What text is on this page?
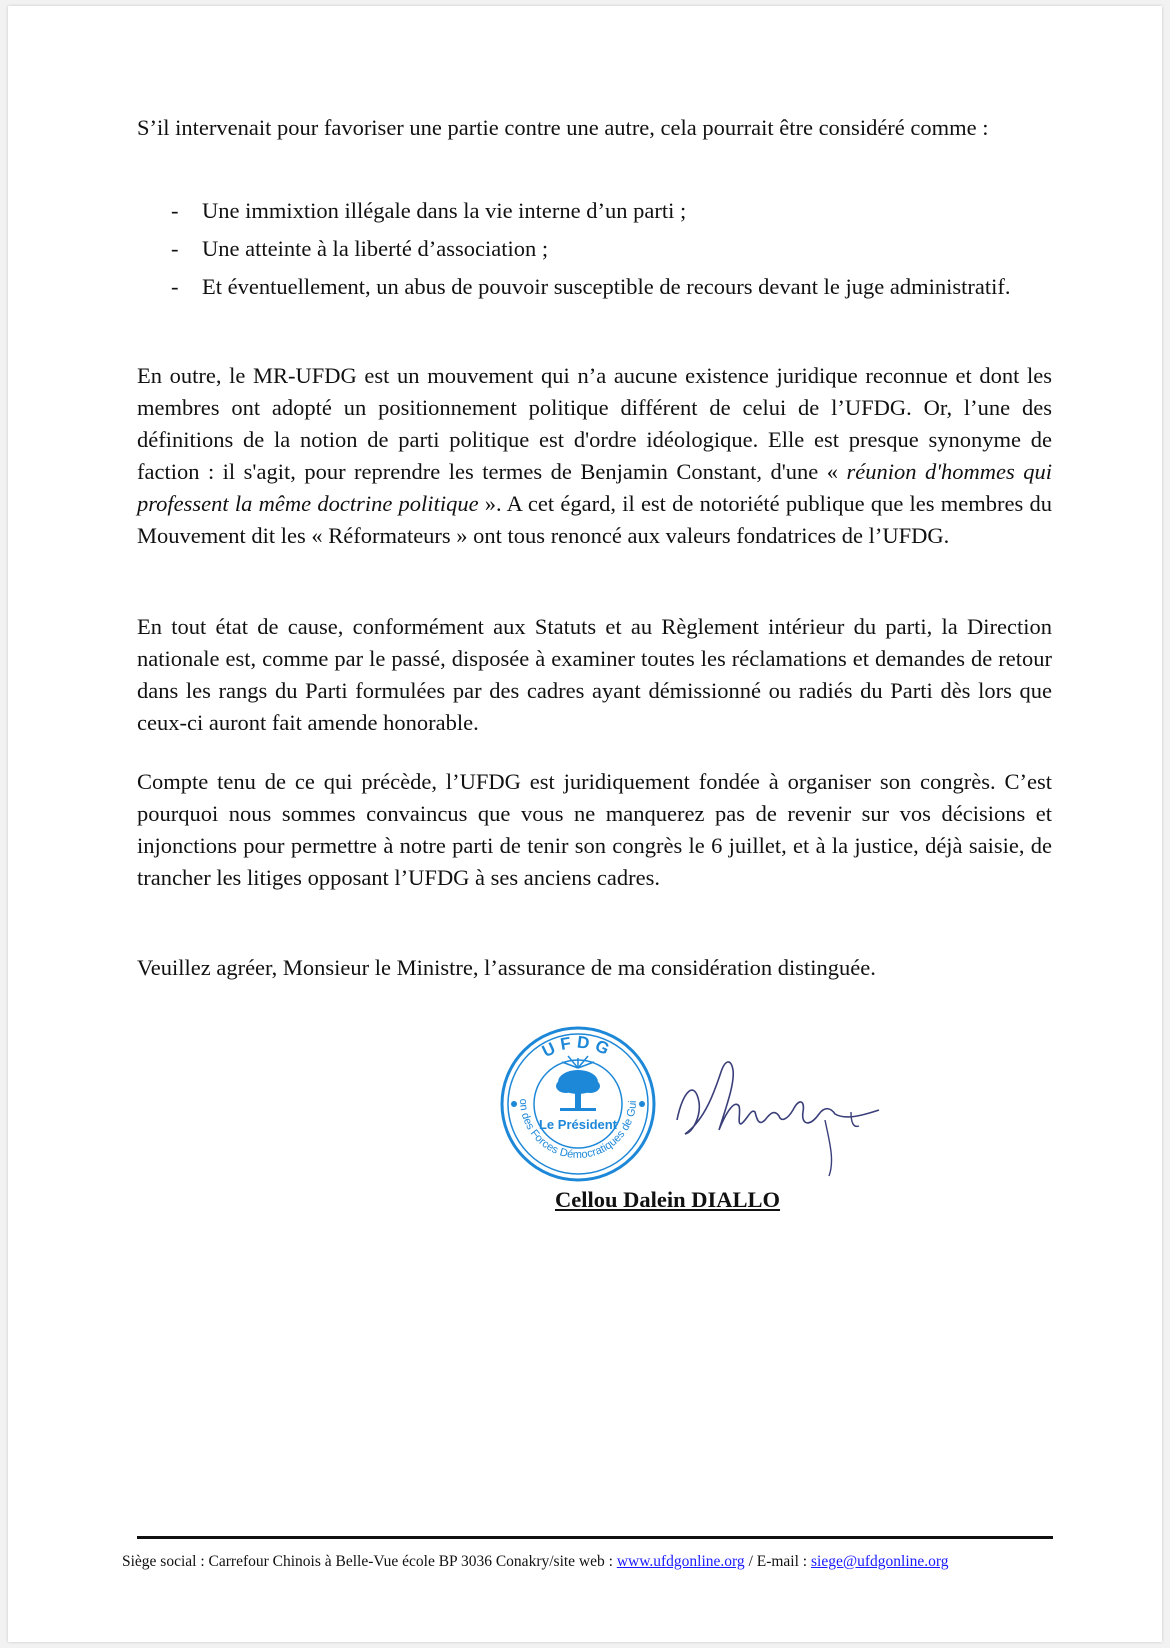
S’il intervenait pour favoriser une partie contre une autre, cela pourrait être considéré comme :

- Une immixtion illégale dans la vie interne d’un parti ;
- Une atteinte à la liberté d’association ;
- Et éventuellement, un abus de pouvoir susceptible de recours devant le juge administratif.

En outre, le MR-UFDG est un mouvement qui n’a aucune existence juridique reconnue et dont les membres ont adopté un positionnement politique différent de celui de l’UFDG. Or, l’une des définitions de la notion de parti politique est d'ordre idéologique. Elle est presque synonyme de faction : il s'agit, pour reprendre les termes de Benjamin Constant, d'une « réunion d'hommes qui professent la même doctrine politique ». A cet égard, il est de notoriété publique que les membres du Mouvement dit les « Réformateurs » ont tous renoncé aux valeurs fondatrices de l’UFDG.

En tout état de cause, conformément aux Statuts et au Règlement intérieur du parti, la Direction nationale est, comme par le passé, disposée à examiner toutes les réclamations et demandes de retour dans les rangs du Parti formulées par des cadres ayant démissionné ou radiés du Parti dès lors que ceux-ci auront fait amende honorable.

Compte tenu de ce qui précède, l’UFDG est juridiquement fondée à organiser son congrès. C’est pourquoi nous sommes convaincus que vous ne manquerez pas de revenir sur vos décisions et injonctions pour permettre à notre parti de tenir son congrès le 6 juillet, et à la justice, déjà saisie, de trancher les litiges opposant l’UFDG à ses anciens cadres.

Veuillez agréer, Monsieur le Ministre, l’assurance de ma considération distinguée.

UFDG
on des Forces Démocratiques de Gui
Le Président
Cellou Dalein DIALLO
Siège social : Carrefour Chinois à Belle-Vue école BP 3036 Conakry/site web : www.ufdgonline.org / E-mail : siege@ufdgonline.org
